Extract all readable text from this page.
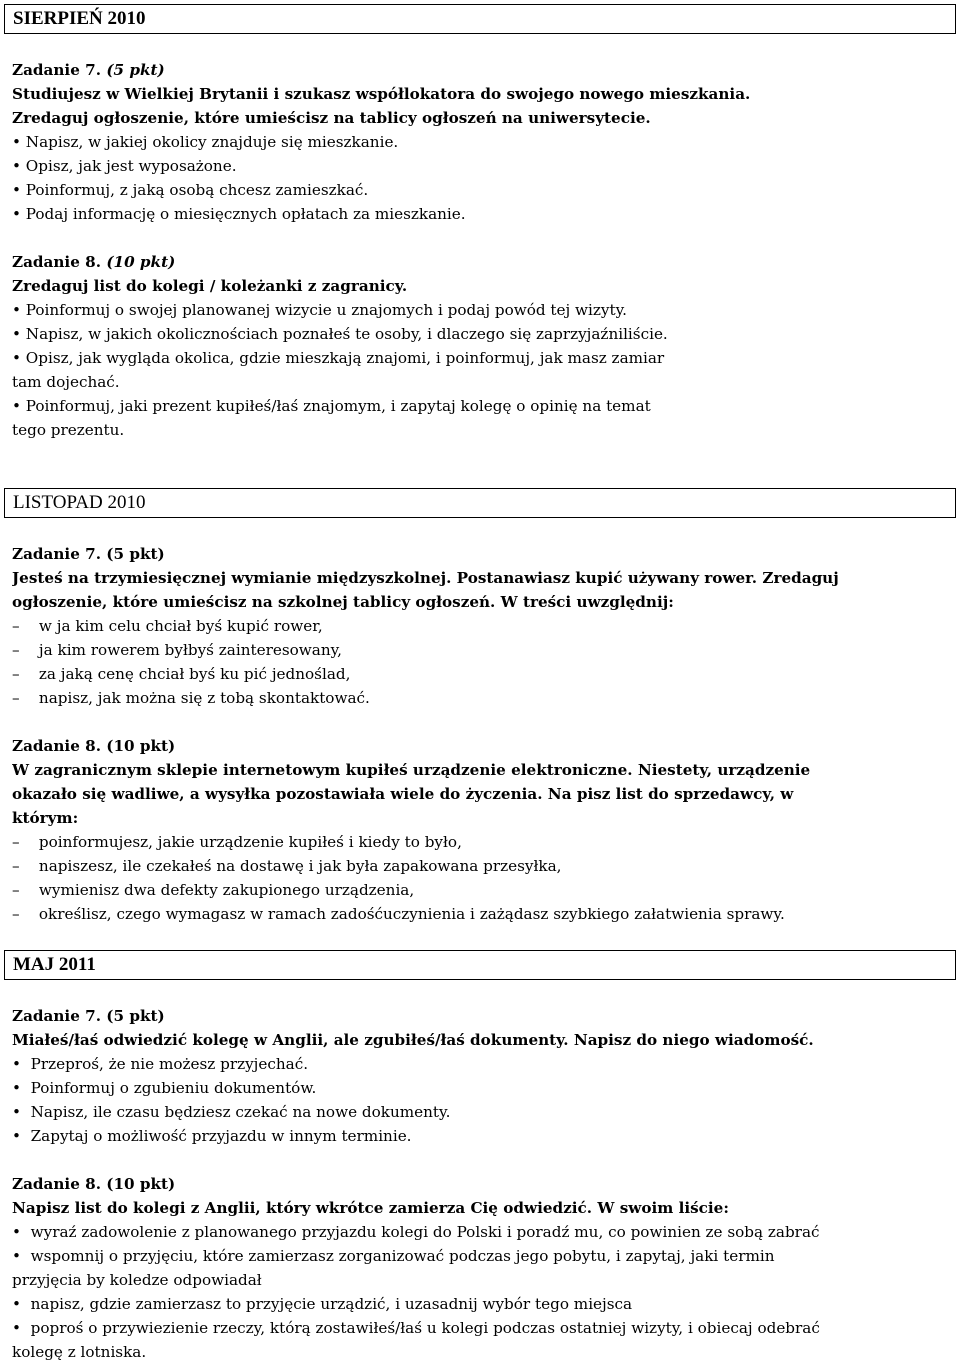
SIERPIEŃ 2010
Zadanie 7. (5 pkt)
Studiujesz w Wielkiej Brytanii i szukasz współlokatora do swojego nowego mieszkania.
Zredaguj ogłoszenie, które umieścisz na tablicy ogłoszeń na uniwersytecie.
• Napisz, w jakiej okolicy znajduje się mieszkanie.
• Opisz, jak jest wyposażone.
• Poinformuj, z jaką osobą chcesz zamieszkać.
• Podaj informację o miesięcznych opłatach za mieszkanie.
Zadanie 8. (10 pkt)
Zredaguj list do kolegi / koleżanki z zagranicy.
• Poinformuj o swojej planowanej wizycie u znajomych i podaj powód tej wizyty.
• Napisz, w jakich okolicznościach poznałeś te osoby, i dlaczego się zaprzyjaźniliście.
• Opisz, jak wygląda okolica, gdzie mieszkają znajomi, i poinformuj, jak masz zamiar
tam dojechać.
• Poinformuj, jaki prezent kupiłeś/łaś znajomym, i zapytaj kolegę o opinię na temat
tego prezentu.
LISTOPAD 2010
Zadanie 7. (5 pkt)
Jesteś na trzymiesięcznej wymianie międzyszkolnej. Postanawiasz kupić używany rower. Zredaguj
ogłoszenie, które umieścisz na szkolnej tablicy ogłoszeń. W treści uwzględnij:
– w ja kim celu chciał byś kupić rower,
– ja kim rowerem byłbyś zainteresowany,
– za jaką cenę chciał byś ku pić jednoślad,
– napisz, jak można się z tobą skontaktować.
Zadanie 8. (10 pkt)
W zagranicznym sklepie internetowym kupiłeś urządzenie elektroniczne. Niestety, urządzenie
okazało się wadliwe, a wysyłka pozostawiała wiele do życzenia. Na pisz list do sprzedawcy, w
którym:
– poinformujesz, jakie urządzenie kupiłeś i kiedy to było,
– napiszesz, ile czekałeś na dostawę i jak była zapakowana przesyłka,
– wymienisz dwa defekty zakupionego urządzenia,
– określisz, czego wymagasz w ramach zadośćuczynienia i zażądasz szybkiego załatwienia sprawy.
MAJ 2011
Zadanie 7. (5 pkt)
Miałeś/łaś odwiedzić kolegę w Anglii, ale zgubiłeś/łaś dokumenty. Napisz do niego wiadomość.
• Przeproś, że nie możesz przyjechać.
• Poinformuj o zgubieniu dokumentów.
• Napisz, ile czasu będziesz czekać na nowe dokumenty.
• Zapytaj o możliwość przyjazdu w innym terminie.
Zadanie 8. (10 pkt)
Napisz list do kolegi z Anglii, który wkrótce zamierza Cię odwiedzić. W swoim liście:
• wyraź zadowolenie z planowanego przyjazdu kolegi do Polski i poradź mu, co powinien ze sobą zabrać
• wspomnij o przyjęciu, które zamierzasz zorganizować podczas jego pobytu, i zapytaj, jaki termin
przyjęcia by koledze odpowiadał
• napisz, gdzie zamierzasz to przyjęcie urządzić, i uzasadnij wybór tego miejsca
• poproś o przywiezienie rzeczy, którą zostawiłeś/łaś u kolegi podczas ostatniej wizyty, i obiecaj odebrać
kolegę z lotniska.
